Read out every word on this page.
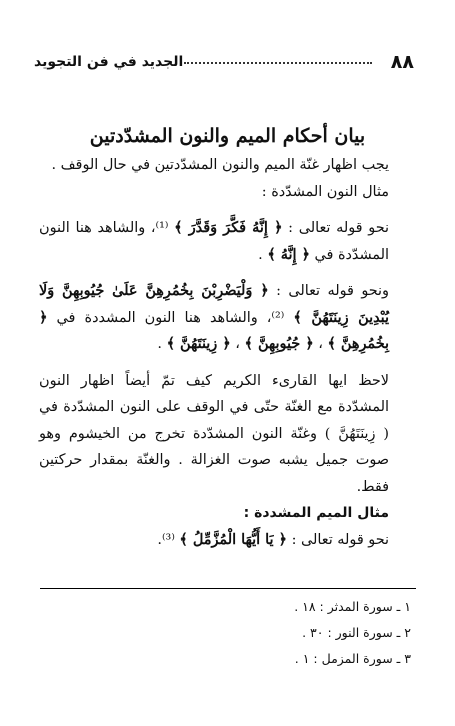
٨٨
الجديد في فن التجويد
بيان أحكام الميم والنون المشدّدتين

يجب اظهار غنّة الميم والنون المشدّدتين في حال الوقف .

مثال النون المشدّدة :

نحو قوله تعالى : ﴿ إِنَّهُ فَكَّرَ وَقَدَّرَ ﴾ ⁽¹⁾، والشاهد هنا النون المشدّدة في ﴿ إِنَّهُ ﴾ .

ونحو قوله تعالى : ﴿ وَلْيَضْرِبْنَ بِخُمُرِهِنَّ عَلَىٰ جُيُوبِهِنَّ وَلَا يُبْدِينَ زِينَتَهُنَّ ﴾ ⁽²⁾، والشاهد هنا النون المشددة في ﴿ بِخُمُرِهِنَّ ﴾ ، ﴿ جُيُوبِهِنَّ ﴾ ، ﴿ زِينَتَهُنَّ ﴾ .

لاحظ ايها القارىء الكريم كيف تمّ أيضاً اظهار النون المشدّدة مع الغنّة حتّى في الوقف على النون المشدّدة في ( زِينَتَهُنَّ ) وغنّة النون المشدّدة تخرج من الخيشوم وهو صوت جميل يشبه صوت الغزالة . والغنّة بمقدار حركتين فقط.

مثال الميم المشددة :

نحو قوله تعالى : ﴿ يَا أَيُّهَا الْمُزَّمِّلُ ﴾ ⁽³⁾.

١ ـ سورة المدثر : ١٨ .
٢ ـ سورة النور : ٣٠ .
٣ ـ سورة المزمل : ١ .
